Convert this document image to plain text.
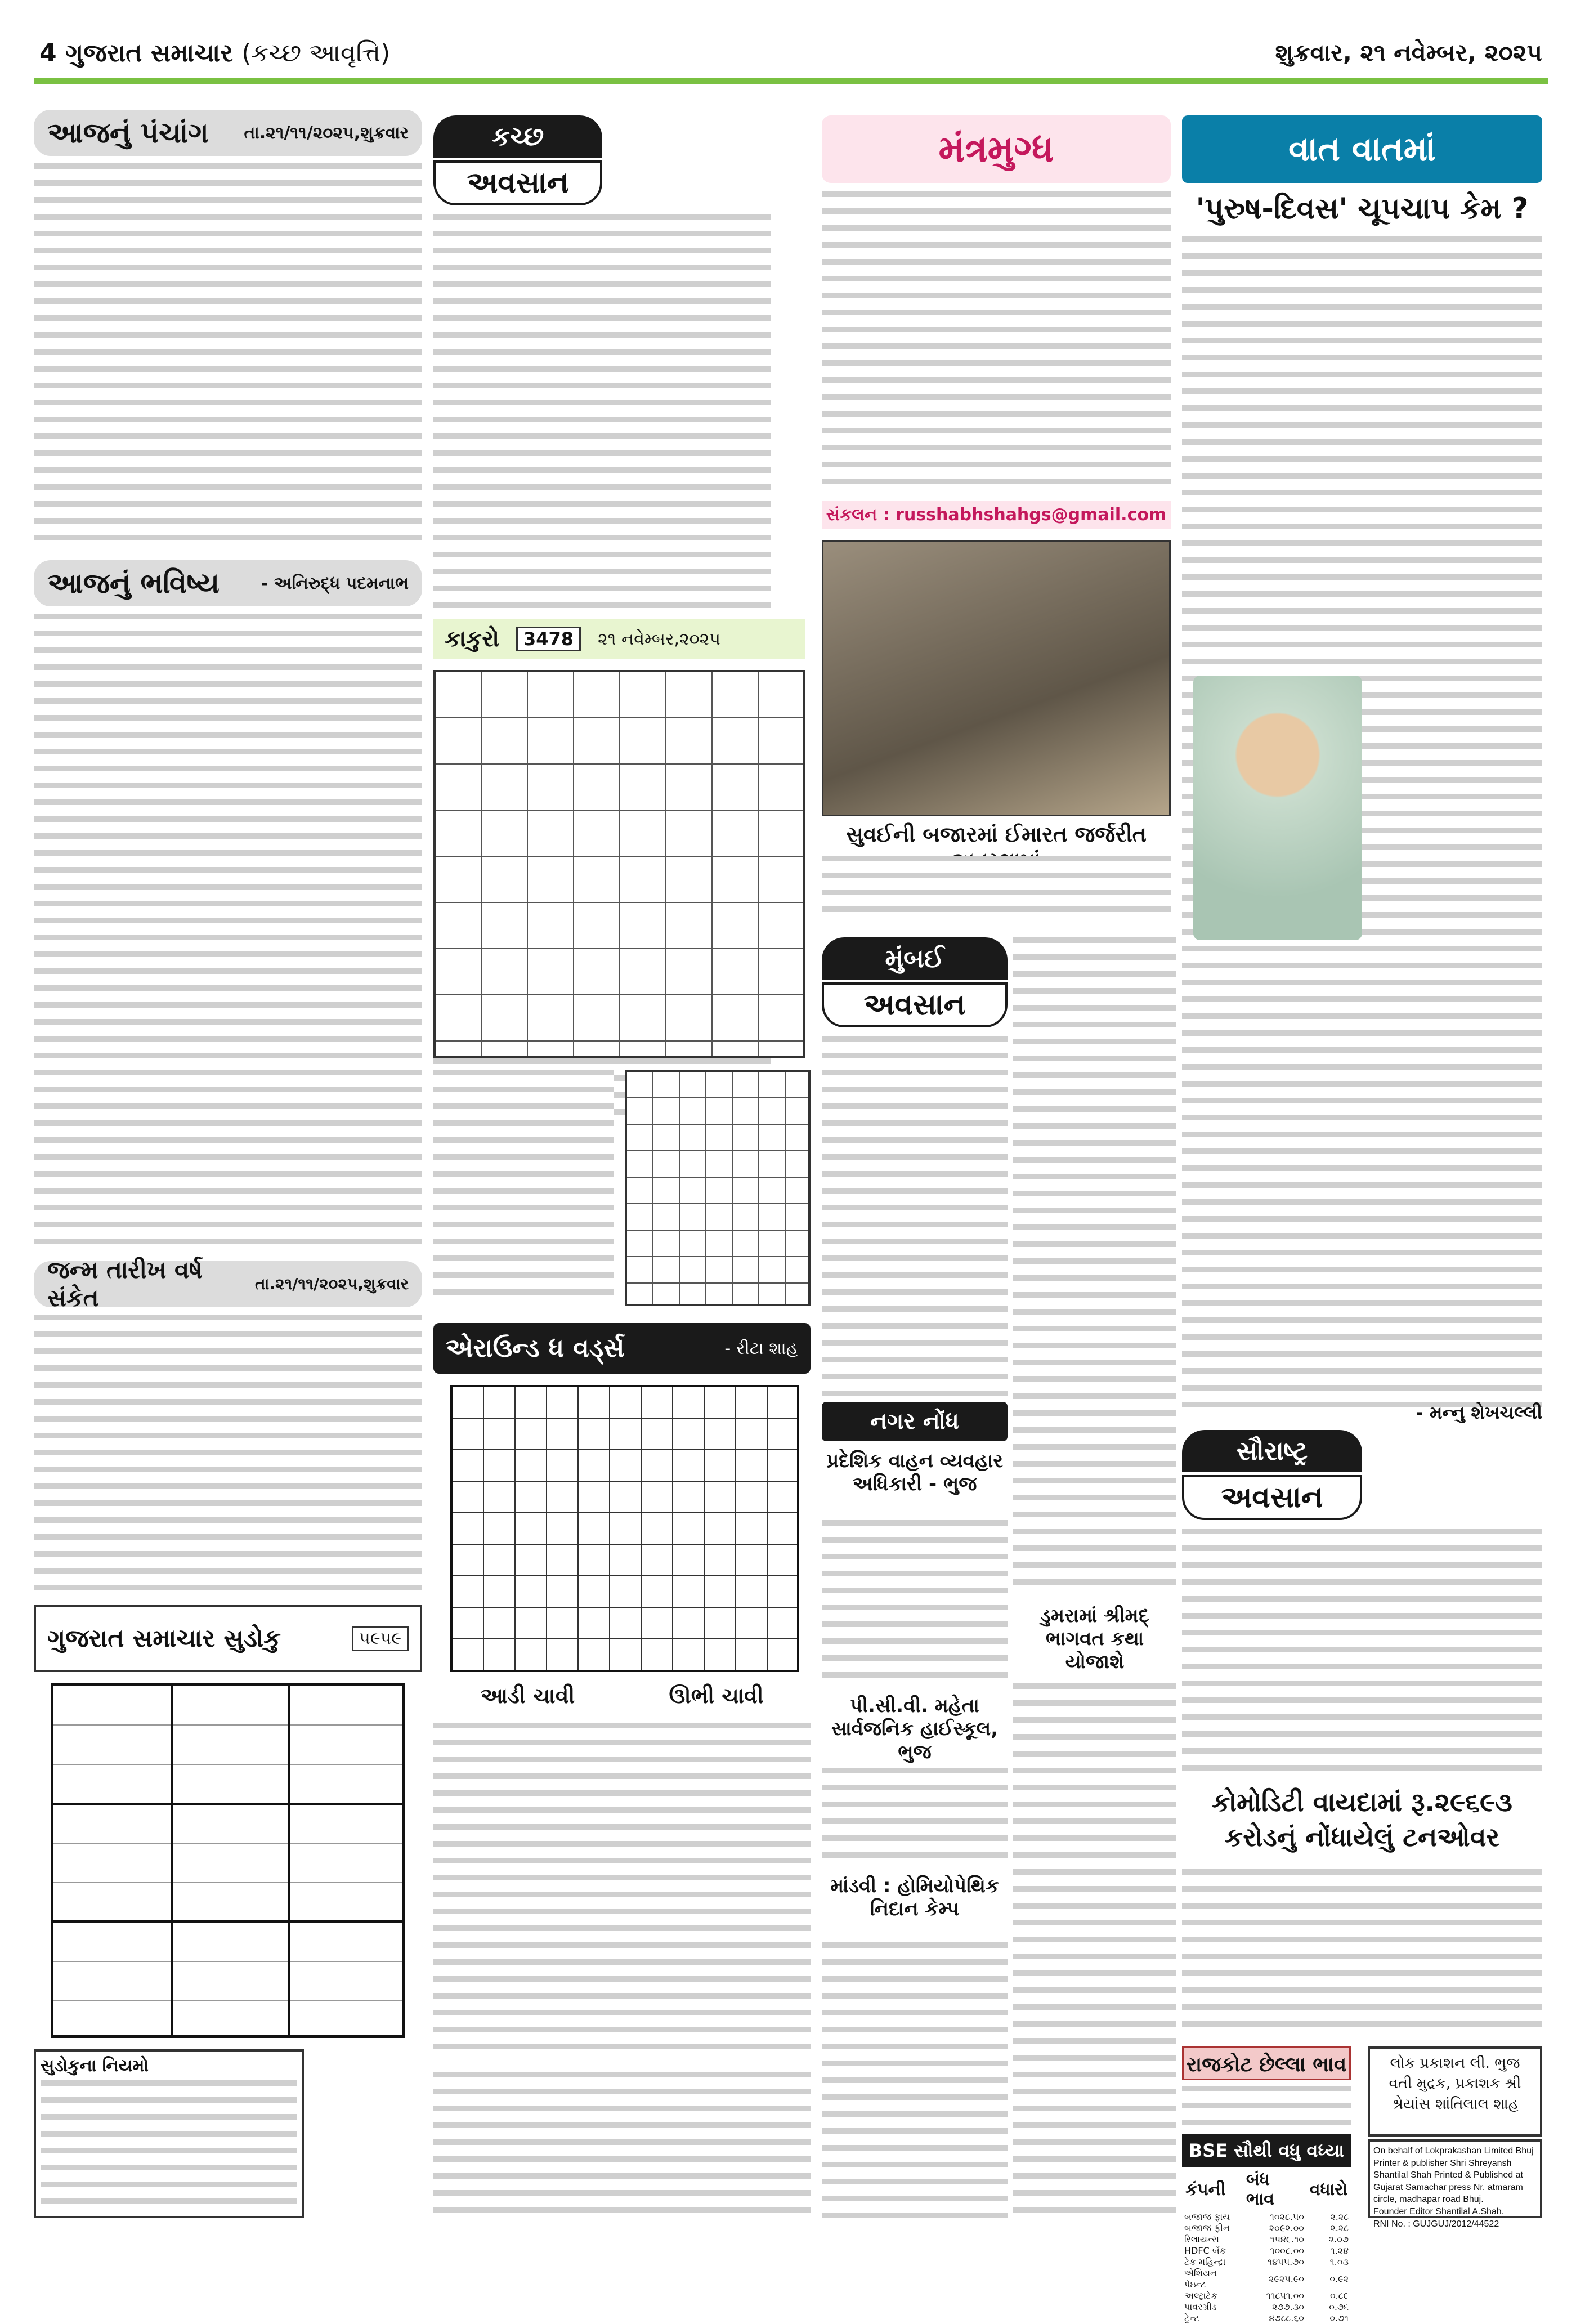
4 ગુજરાત સમાચાર (કચ્છ આવૃત્તિ)	શુક્રવાર, ૨૧ નવેમ્બર, ૨૦૨૫
આજનું પંચાંગ તા.૨૧/૧૧/૨૦૨૫,શુક્રવાર
આજનું ભવિષ્ય - અનિરુદ્ધ પદમનાભ
જન્મ તારીખ વર્ષ સંકેત
તા.૨૧/૧૧/૨૦૨૫,શુક્રવાર
ગુજરાત સમાચાર સુડોકુ	૫૯૫૯
સુડોકુના નિયમો
કચ્છ
અવસાન
કાકુરો	3478	૨૧ નવેમ્બર,૨૦૨૫
એરાઉન્ડ ધ વર્ડ્સ	- રીટા શાહ
આડી ચાવી	ઊભી ચાવી
મંત્રમુગ્ધ
સંકલન : russhabhshahgs@gmail.com
સુવઈની બજારમાં ઈમારત જર્જરીત
મુંબઈ
અવસાન
નગર નોંધ
પ્રદેશિક વાહન વ્યવહાર અધિકારી - ભુજ
પી.સી.વી. મહેતા સાર્વજનિક હાઈસ્કૂલ, ભુજ
માંડવી : હોમિયોપેથિક નિદાન કેમ્પ
ડુમરામાં શ્રીમદ્ ભાગવત કથા યોજાશે
વાત વાતમાં
'પુરુષ-દિવસ' ચૂપચાપ કેમ ?
- મન્નુ શેખચલ્લી
સૌરાષ્ટ્ર
અવસાન
કોમોડિટી વાયદામાં રૂ.૨૯૬૯૩
કરોડનું નોંધાયેલું ટનઓવર
રાજકોટ છેલ્લા ભાવ
BSE સૌથી વધુ વધ્યા
કંપની	બંધ ભાવ	વધારો
બજાજ ફાય	૧૦૨૮.૫૦	૨.૨૮
બજાજ ફીન	૨૦૯૨.૦૦	૨.૨૮
રિલાયન્સ	૧૫૪૯.૧૦	૨.૦૭
HDFC બેંક	૧૦૦૮.૦૦	૧.૨૪
ટેક મહિન્દ્રા	૧૪૫૫.૭૦	૧.૦૩
એશિયન પેઇન્ટ	૨૯૨૫.૯૦	૦.૯૨
અલ્ટ્રાટેક	૧૧૮૫૧.૦૦	૦.૮૯
પાવરગ્રીડ	૨૭૭.૩૦	૦.૭૬
ટ્રેન્ટ	૪૭૮૮.૬૦	૦.૭૧
લોક પ્રકાશન લી. ભુજ
વતી મુદ્રક, પ્રકાશક શ્રી
શ્રેયાંસ શાંતિલાલ શાહ
On behalf of Lokprakashan Limited Bhuj Printer & publisher Shri Shreyansh Shantilal Shah Printed & Published at Gujarat Samachar press Nr. atmaram circle, madhapar road Bhuj.
Founder Editor Shantilal A.Shah.
RNI No. : GUJGUJ/2012/44522
